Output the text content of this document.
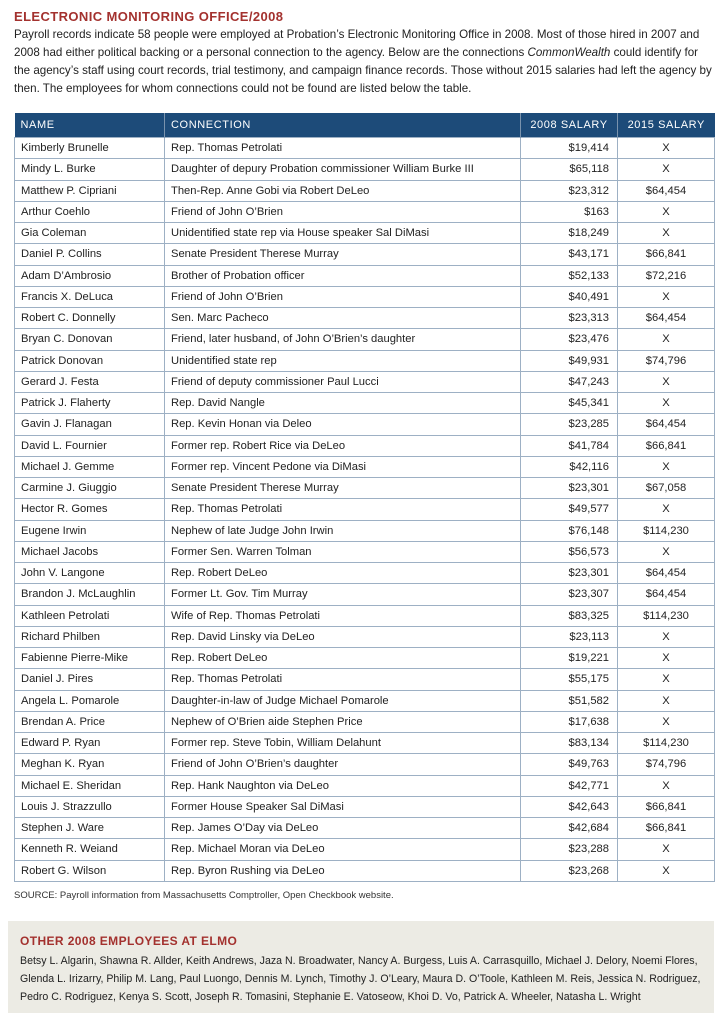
ELECTRONIC MONITORING OFFICE/2008
Payroll records indicate 58 people were employed at Probation’s Electronic Monitoring Office in 2008. Most of those hired in 2007 and 2008 had either political backing or a personal connection to the agency. Below are the connections CommonWealth could identify for the agency’s staff using court records, trial testimony, and campaign finance records. Those without 2015 salaries had left the agency by then. The employees for whom connections could not be found are listed below the table.
NAME	CONNECTION	2008 SALARY	2015 SALARY
Kimberly Brunelle	Rep. Thomas Petrolati	$19,414	X
Mindy L. Burke	Daughter of depury Probation commissioner William Burke III	$65,118	X
Matthew P. Cipriani	Then-Rep. Anne Gobi via Robert DeLeo	$23,312	$64,454
Arthur Coehlo	Friend of John O’Brien	$163	X
Gia Coleman	Unidentified state rep via House speaker Sal DiMasi	$18,249	X
Daniel P. Collins	Senate President Therese Murray	$43,171	$66,841
Adam D’Ambrosio	Brother of Probation officer	$52,133	$72,216
Francis X. DeLuca	Friend of John O’Brien	$40,491	X
Robert C. Donnelly	Sen. Marc Pacheco	$23,313	$64,454
Bryan C. Donovan	Friend, later husband, of John O’Brien’s daughter	$23,476	X
Patrick Donovan	Unidentified state rep	$49,931	$74,796
Gerard J. Festa	Friend of deputy commissioner Paul Lucci	$47,243	X
Patrick J. Flaherty	Rep. David Nangle	$45,341	X
Gavin J. Flanagan	Rep. Kevin Honan via Deleo	$23,285	$64,454
David L. Fournier	Former rep. Robert Rice via DeLeo	$41,784	$66,841
Michael J. Gemme	Former rep. Vincent Pedone via DiMasi	$42,116	X
Carmine J. Giuggio	Senate President Therese Murray	$23,301	$67,058
Hector R. Gomes	Rep. Thomas Petrolati	$49,577	X
Eugene Irwin	Nephew of late Judge John Irwin	$76,148	$114,230
Michael Jacobs	Former Sen. Warren Tolman	$56,573	X
John V. Langone	Rep. Robert DeLeo	$23,301	$64,454
Brandon J. McLaughlin	Former Lt. Gov. Tim Murray	$23,307	$64,454
Kathleen Petrolati	Wife of Rep. Thomas Petrolati	$83,325	$114,230
Richard Philben	Rep. David Linsky via DeLeo	$23,113	X
Fabienne Pierre-Mike	Rep. Robert DeLeo	$19,221	X
Daniel J. Pires	Rep. Thomas Petrolati	$55,175	X
Angela L. Pomarole	Daughter-in-law of Judge Michael Pomarole	$51,582	X
Brendan A. Price	Nephew of O’Brien aide Stephen Price	$17,638	X
Edward P. Ryan	Former rep. Steve Tobin, William Delahunt	$83,134	$114,230
Meghan K. Ryan	Friend of John O’Brien’s daughter	$49,763	$74,796
Michael E. Sheridan	Rep. Hank Naughton via DeLeo	$42,771	X
Louis J. Strazzullo	Former House Speaker Sal DiMasi	$42,643	$66,841
Stephen J. Ware	Rep. James O’Day via DeLeo	$42,684	$66,841
Kenneth R. Weiand	Rep. Michael Moran via DeLeo	$23,288	X
Robert G. Wilson	Rep. Byron Rushing via DeLeo	$23,268	X
SOURCE: Payroll information from Massachusetts Comptroller, Open Checkbook website.
OTHER 2008 EMPLOYEES AT ELMO
Betsy L. Algarin, Shawna R. Allder, Keith Andrews, Jaza N. Broadwater, Nancy A. Burgess, Luis A. Carrasquillo, Michael J. Delory, Noemi Flores, Glenda L. Irizarry, Philip M. Lang, Paul Luongo, Dennis M. Lynch, Timothy J. O’Leary, Maura D. O’Toole, Kathleen M. Reis, Jessica N. Rodriguez, Pedro C. Rodriguez, Kenya S. Scott, Joseph R. Tomasini, Stephanie E. Vatoseow, Khoi D. Vo, Patrick A. Wheeler, Natasha L. Wright
